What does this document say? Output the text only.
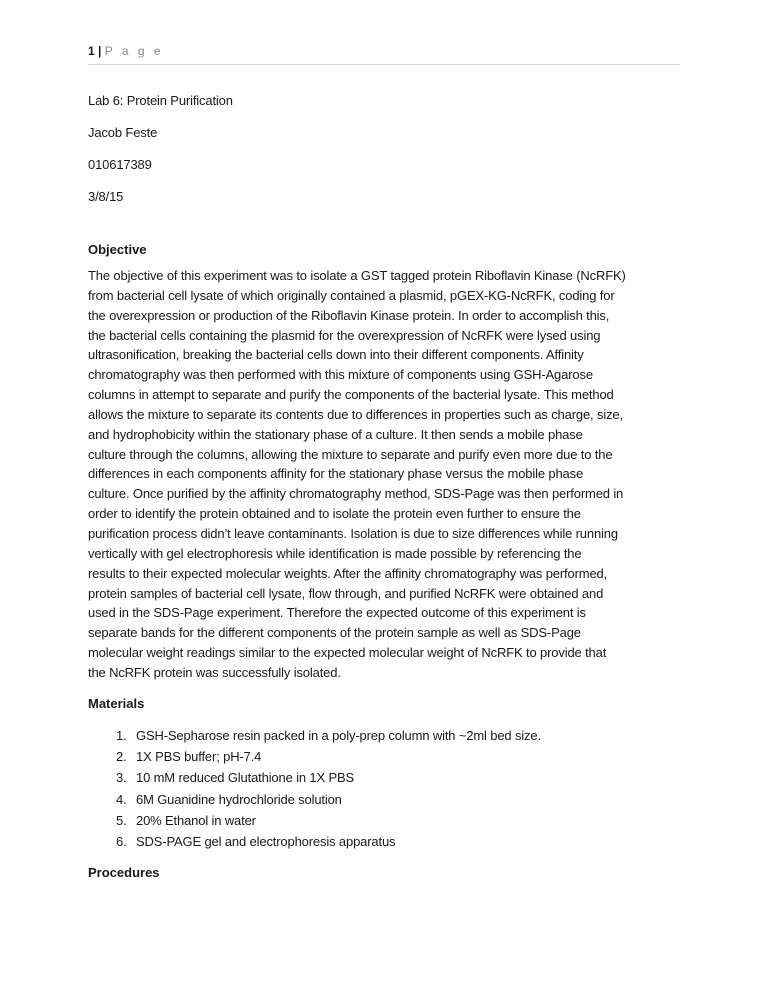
1 | P a g e
Lab 6: Protein Purification
Jacob Feste
010617389
3/8/15
Objective
The objective of this experiment was to isolate a GST tagged protein Riboflavin Kinase (NcRFK)
from bacterial cell lysate of which originally contained a plasmid, pGEX-KG-NcRFK, coding for
the overexpression or production of the Riboflavin Kinase protein. In order to accomplish this,
the bacterial cells containing the plasmid for the overexpression of NcRFK were lysed using
ultrasonification, breaking the bacterial cells down into their different components. Affinity
chromatography was then performed with this mixture of components using GSH-Agarose
columns in attempt to separate and purify the components of the bacterial lysate. This method
allows the mixture to separate its contents due to differences in properties such as charge, size,
and hydrophobicity within the stationary phase of a culture. It then sends a mobile phase
culture through the columns, allowing the mixture to separate and purify even more due to the
differences in each components affinity for the stationary phase versus the mobile phase
culture. Once purified by the affinity chromatography method, SDS-Page was then performed in
order to identify the protein obtained and to isolate the protein even further to ensure the
purification process didn’t leave contaminants. Isolation is due to size differences while running
vertically with gel electrophoresis while identification is made possible by referencing the
results to their expected molecular weights. After the affinity chromatography was performed,
protein samples of bacterial cell lysate, flow through, and purified NcRFK were obtained and
used in the SDS-Page experiment. Therefore the expected outcome of this experiment is
separate bands for the different components of the protein sample as well as SDS-Page
molecular weight readings similar to the expected molecular weight of NcRFK to provide that
the NcRFK protein was successfully isolated.
Materials
1. GSH-Sepharose resin packed in a poly-prep column with ~2ml bed size.
2. 1X PBS buffer; pH-7.4
3. 10 mM reduced Glutathione in 1X PBS
4. 6M Guanidine hydrochloride solution
5. 20% Ethanol in water
6. SDS-PAGE gel and electrophoresis apparatus
Procedures
